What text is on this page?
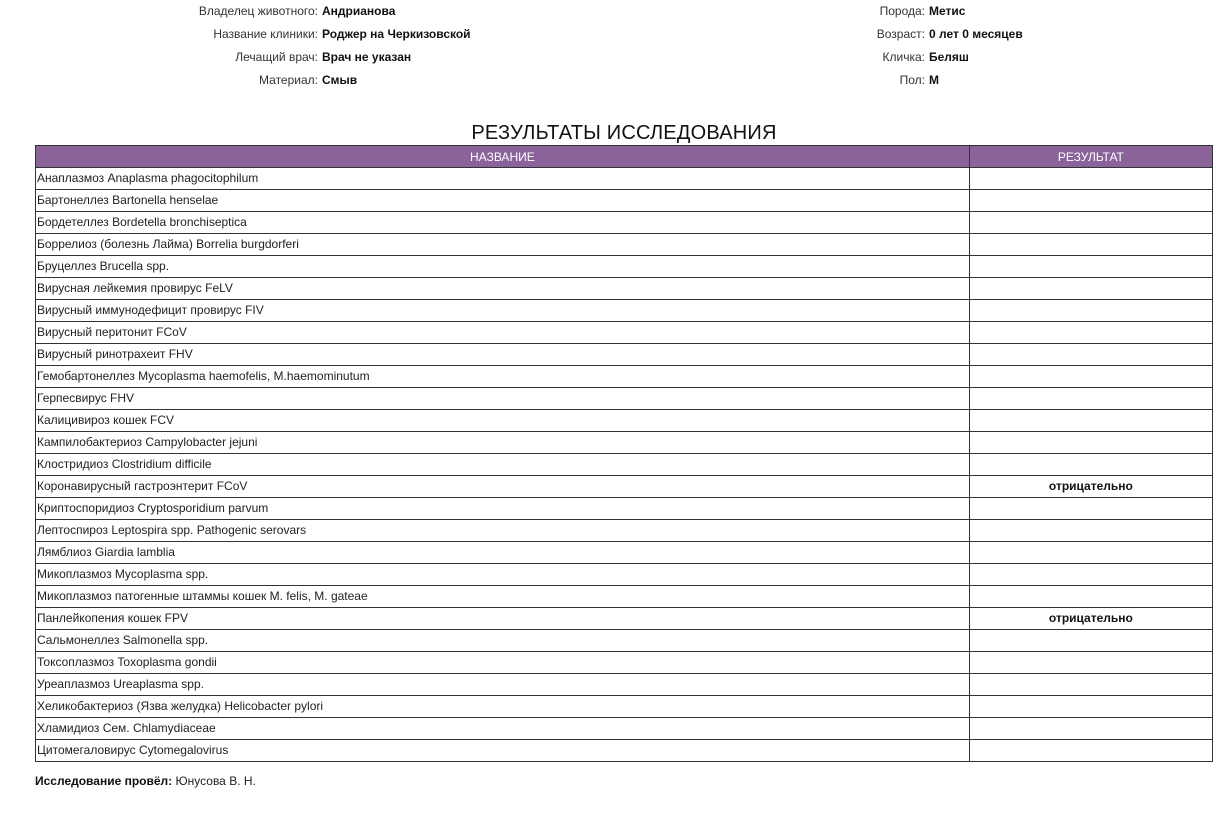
Владелец животного: Андрианова
Название клиники: Роджер на Черкизовской
Лечащий врач: Врач не указан
Материал: Смыв
Порода: Метис
Возраст: 0 лет 0 месяцев
Кличка: Беляш
Пол: М
РЕЗУЛЬТАТЫ ИССЛЕДОВАНИЯ
НАЗВАНИЕ	РЕЗУЛЬТАТ
Анаплазмоз Anaplasma phagocitophilum	
Бартонеллез Bartonella henselae	
Бордетеллез Bordetella bronchiseptica	
Боррелиоз (болезнь Лайма) Borrelia burgdorferi	
Бруцеллез Brucella spp.	
Вирусная лейкемия провирус FeLV	
Вирусный иммунодефицит провирус FIV	
Вирусный перитонит FCoV	
Вирусный ринотрахеит FHV	
Гемобартонеллез Mycoplasma haemofelis, M.haemominutum	
Герпесвирус FHV	
Калицивироз кошек FCV	
Кампилобактериоз Campylobacter jejuni	
Клостридиоз Clostridium difficile	
Коронавирусный гастроэнтерит FCoV	отрицательно
Криптоспоридиоз Cryptosporidium parvum	
Лептоспироз Leptospira spp. Pathogenic serovars	
Лямблиоз Giardia lamblia	
Микоплазмоз Mycoplasma spp.	
Микоплазмоз патогенные штаммы кошек M. felis, M. gateae	
Панлейкопения кошек FPV	отрицательно
Сальмонеллез Salmonella spp.	
Токсоплазмоз Toxoplasma gondii	
Уреаплазмоз Ureaplasma spp.	
Хеликобактериоз (Язва желудка) Helicobacter pylori	
Хламидиоз Сем. Chlamydiaceae	
Цитомегаловирус Cytomegalovirus	
Исследование провёл: Юнусова В. Н.
